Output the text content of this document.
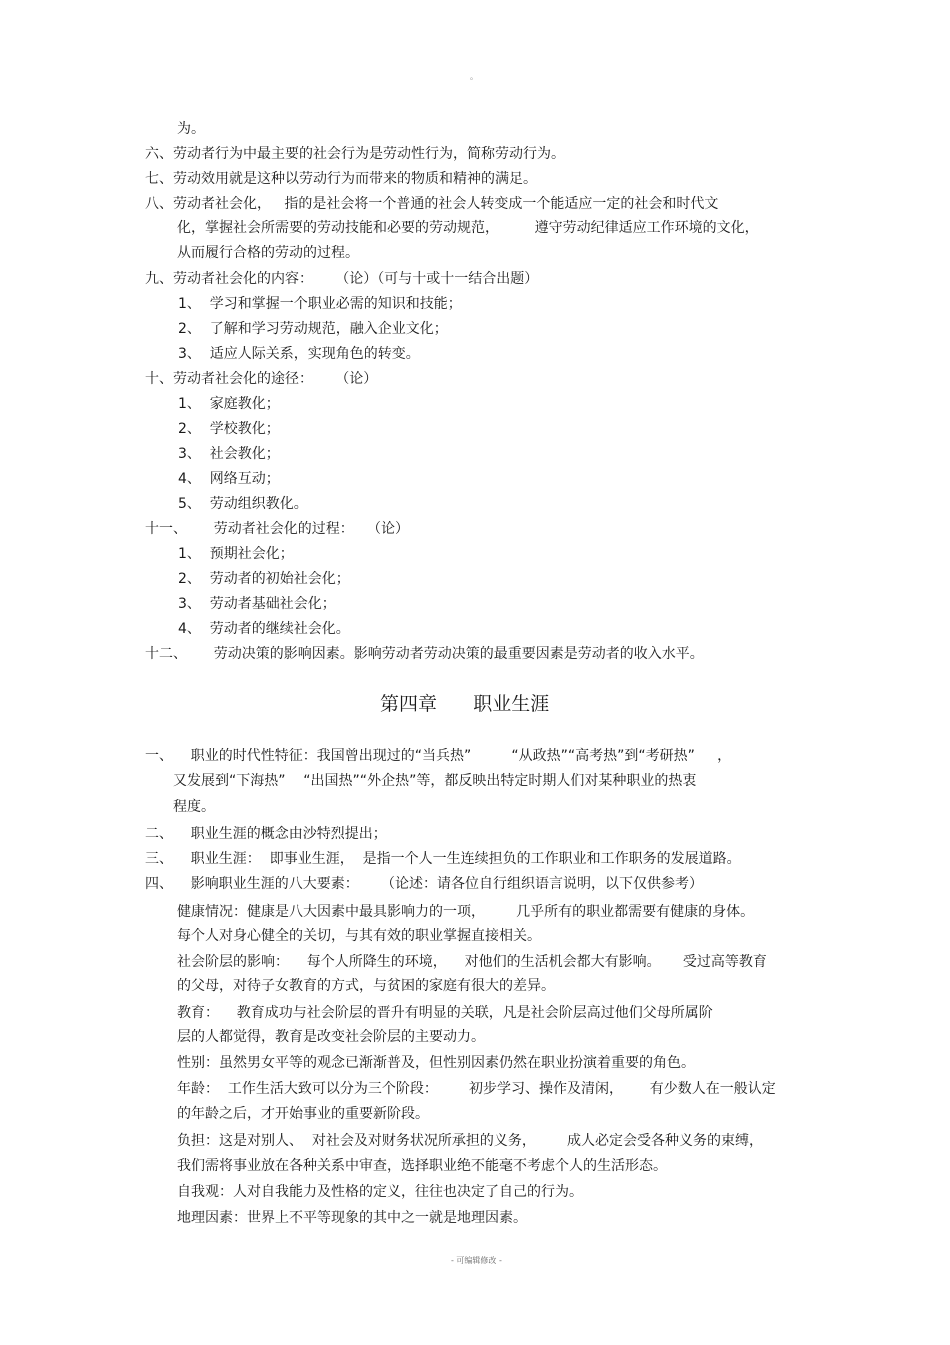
。
为。
六、劳动者行为中最主要的社会行为是劳动性行为，简称劳动行为。
七、劳动效用就是这种以劳动行为而带来的物质和精神的满足。
八、劳动者社会化，   指的是社会将一个普通的社会人转变成一个能适应一定的社会和时代文
化，掌握社会所需要的劳动技能和必要的劳动规范，        遵守劳动纪律适应工作环境的文化，
从而履行合格的劳动的过程。
九、劳动者社会化的内容：     （论）（可与十或十一结合出题）
1、  学习和掌握一个职业必需的知识和技能；
2、  了解和学习劳动规范，融入企业文化；
3、  适应人际关系，实现角色的转变。
十、劳动者社会化的途径：     （论）
1、  家庭教化；
2、  学校教化；
3、  社会教化；
4、  网络互动；
5、  劳动组织教化。
十一、      劳动者社会化的过程：   （论）
1、  预期社会化；
2、  劳动者的初始社会化；
3、  劳动者基础社会化；
4、  劳动者的继续社会化。
十二、      劳动决策的影响因素。影响劳动者劳动决策的最重要因素是劳动者的收入水平。
第四章      职业生涯
一、    职业的时代性特征：我国曾出现过的“当兵热”         “从政热”“高考热”到“考研热”     ，
又发展到“下海热”    “出国热”“外企热”等，都反映出特定时期人们对某种职业的热衷
程度。
二、    职业生涯的概念由沙特烈提出；
三、    职业生涯：  即事业生涯，  是指一个人一生连续担负的工作职业和工作职务的发展道路。
四、    影响职业生涯的八大要素：     （论述：请各位自行组织语言说明，以下仅供参考）
健康情况：健康是八大因素中最具影响力的一项，       几乎所有的职业都需要有健康的身体。
每个人对身心健全的关切，与其有效的职业掌握直接相关。
社会阶层的影响：    每个人所降生的环境，    对他们的生活机会都大有影响。     受过高等教育
的父母，对待子女教育的方式，与贫困的家庭有很大的差异。
教育：    教育成功与社会阶层的晋升有明显的关联，凡是社会阶层高过他们父母所属阶
层的人都觉得，教育是改变社会阶层的主要动力。
性别：虽然男女平等的观念已渐渐普及，但性别因素仍然在职业扮演着重要的角色。
年龄：  工作生活大致可以分为三个阶段：       初步学习、操作及清闲，      有少数人在一般认定
的年龄之后，才开始事业的重要新阶段。
负担：这是对别人、  对社会及对财务状况所承担的义务，       成人必定会受各种义务的束缚，
我们需将事业放在各种关系中审查，选择职业绝不能毫不考虑个人的生活形态。
自我观：人对自我能力及性格的定义，往往也决定了自己的行为。
地理因素：世界上不平等现象的其中之一就是地理因素。
- 可编辑修改 -
